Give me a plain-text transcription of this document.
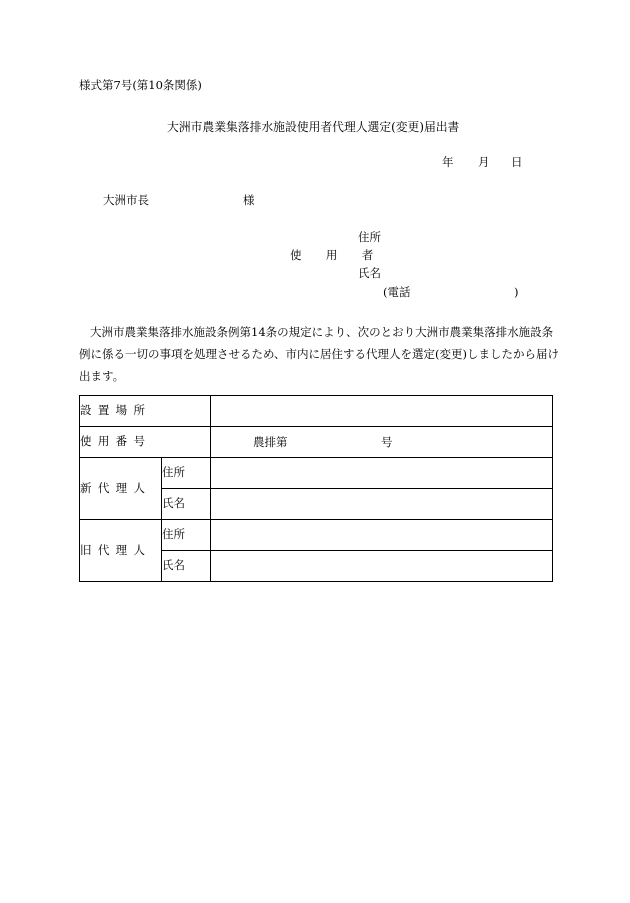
様式第7号(第10条関係)
大洲市農業集落排水施設使用者代理人選定(変更)届出書
年 月 日
大洲市長	様
住所
使 用 者
氏名
(電話	)
大洲市農業集落排水施設条例第14条の規定により、次のとおり大洲市農業集落排水施設条例に係る一切の事項を処理させるため、市内に居住する代理人を選定(変更)しましたから届け出ます。
設置場所		
使用番号		農排第 号

新代理人	住所	
	氏名	
旧代理人	住所	
	氏名	
